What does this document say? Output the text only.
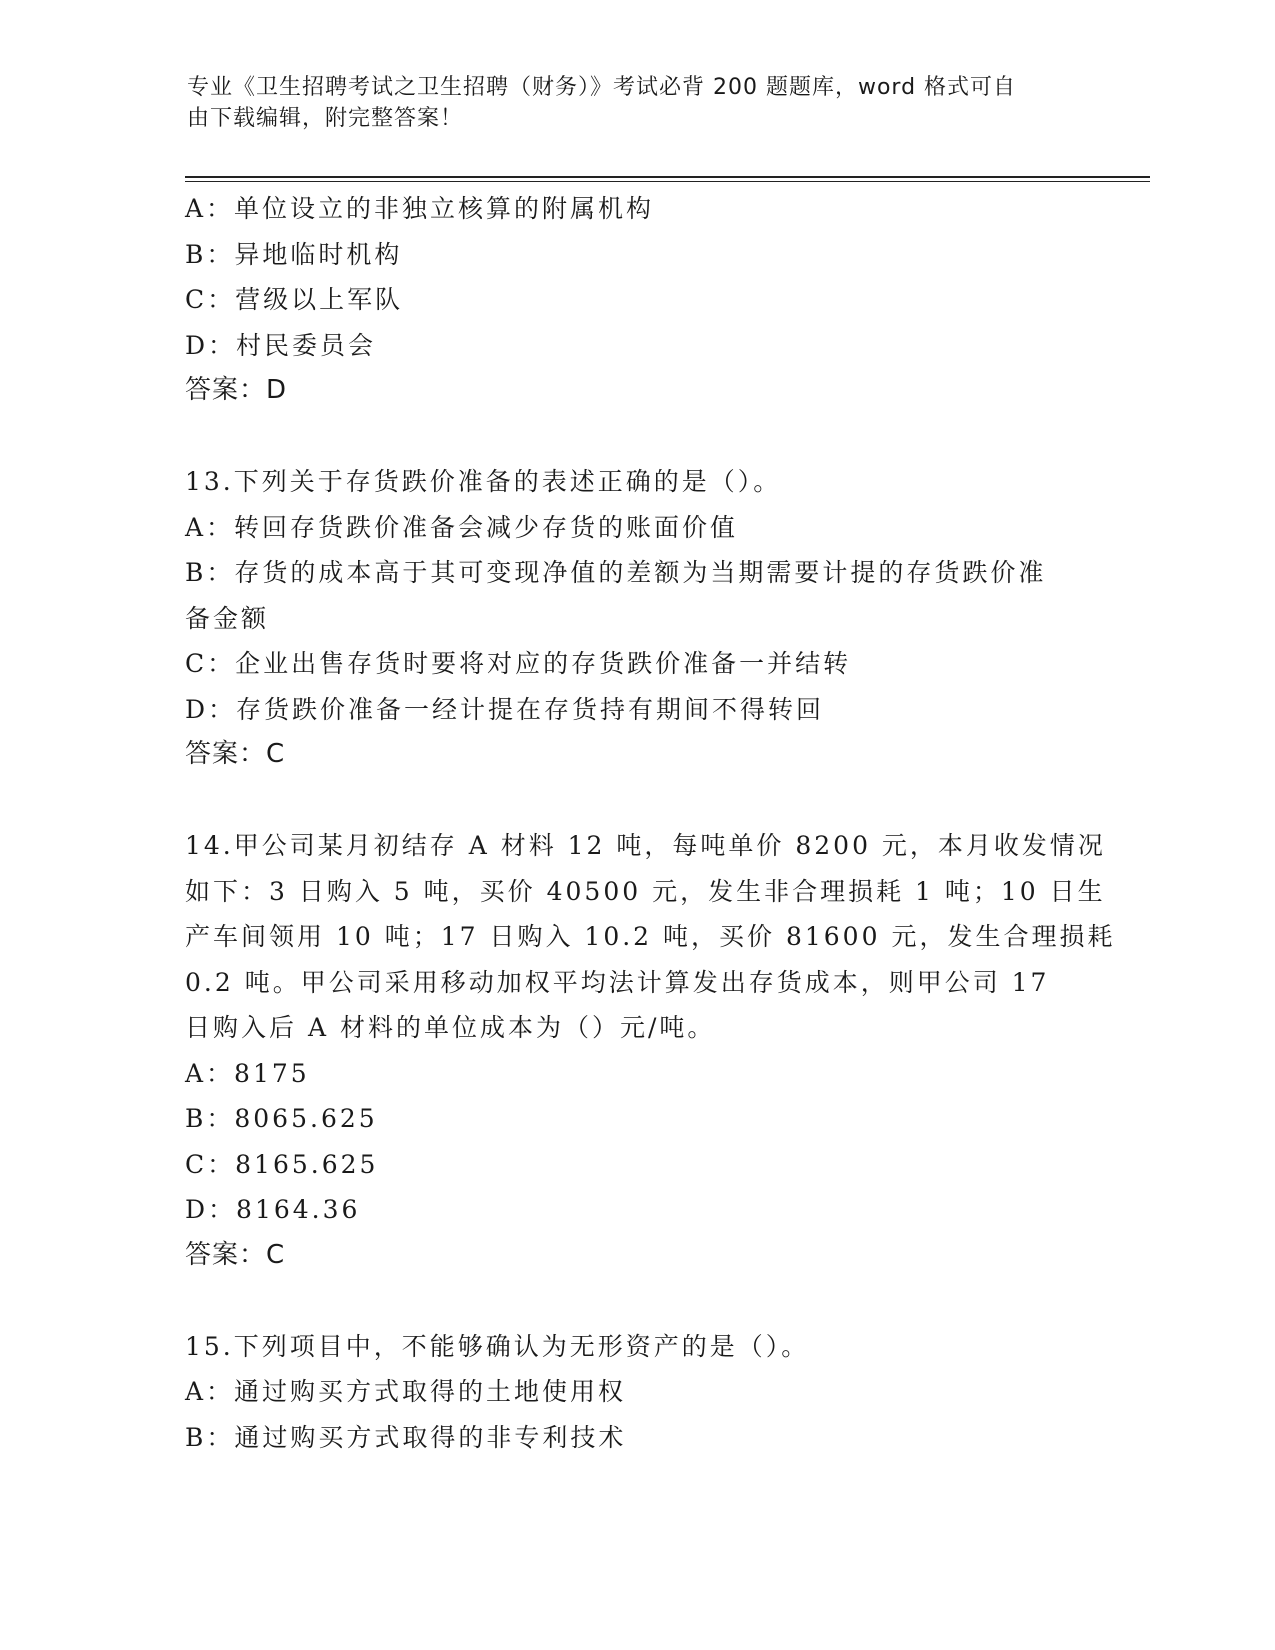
专业《卫生招聘考试之卫生招聘（财务）》考试必背 200 题题库，word 格式可自
由下载编辑，附完整答案！
A：单位设立的非独立核算的附属机构
B：异地临时机构
C：营级以上军队
D：村民委员会
答案：D
13.下列关于存货跌价准备的表述正确的是（）。
A：转回存货跌价准备会减少存货的账面价值
B：存货的成本高于其可变现净值的差额为当期需要计提的存货跌价准
备金额
C：企业出售存货时要将对应的存货跌价准备一并结转
D：存货跌价准备一经计提在存货持有期间不得转回
答案：C
14.甲公司某月初结存 A 材料 12 吨，每吨单价 8200 元，本月收发情况
如下：3 日购入 5 吨，买价 40500 元，发生非合理损耗 1 吨；10 日生
产车间领用 10 吨；17 日购入 10.2 吨，买价 81600 元，发生合理损耗
0.2 吨。甲公司采用移动加权平均法计算发出存货成本，则甲公司 17
日购入后 A 材料的单位成本为（）元/吨。
A：8175
B：8065.625
C：8165.625
D：8164.36
答案：C
15.下列项目中，不能够确认为无形资产的是（）。
A：通过购买方式取得的土地使用权
B：通过购买方式取得的非专利技术
